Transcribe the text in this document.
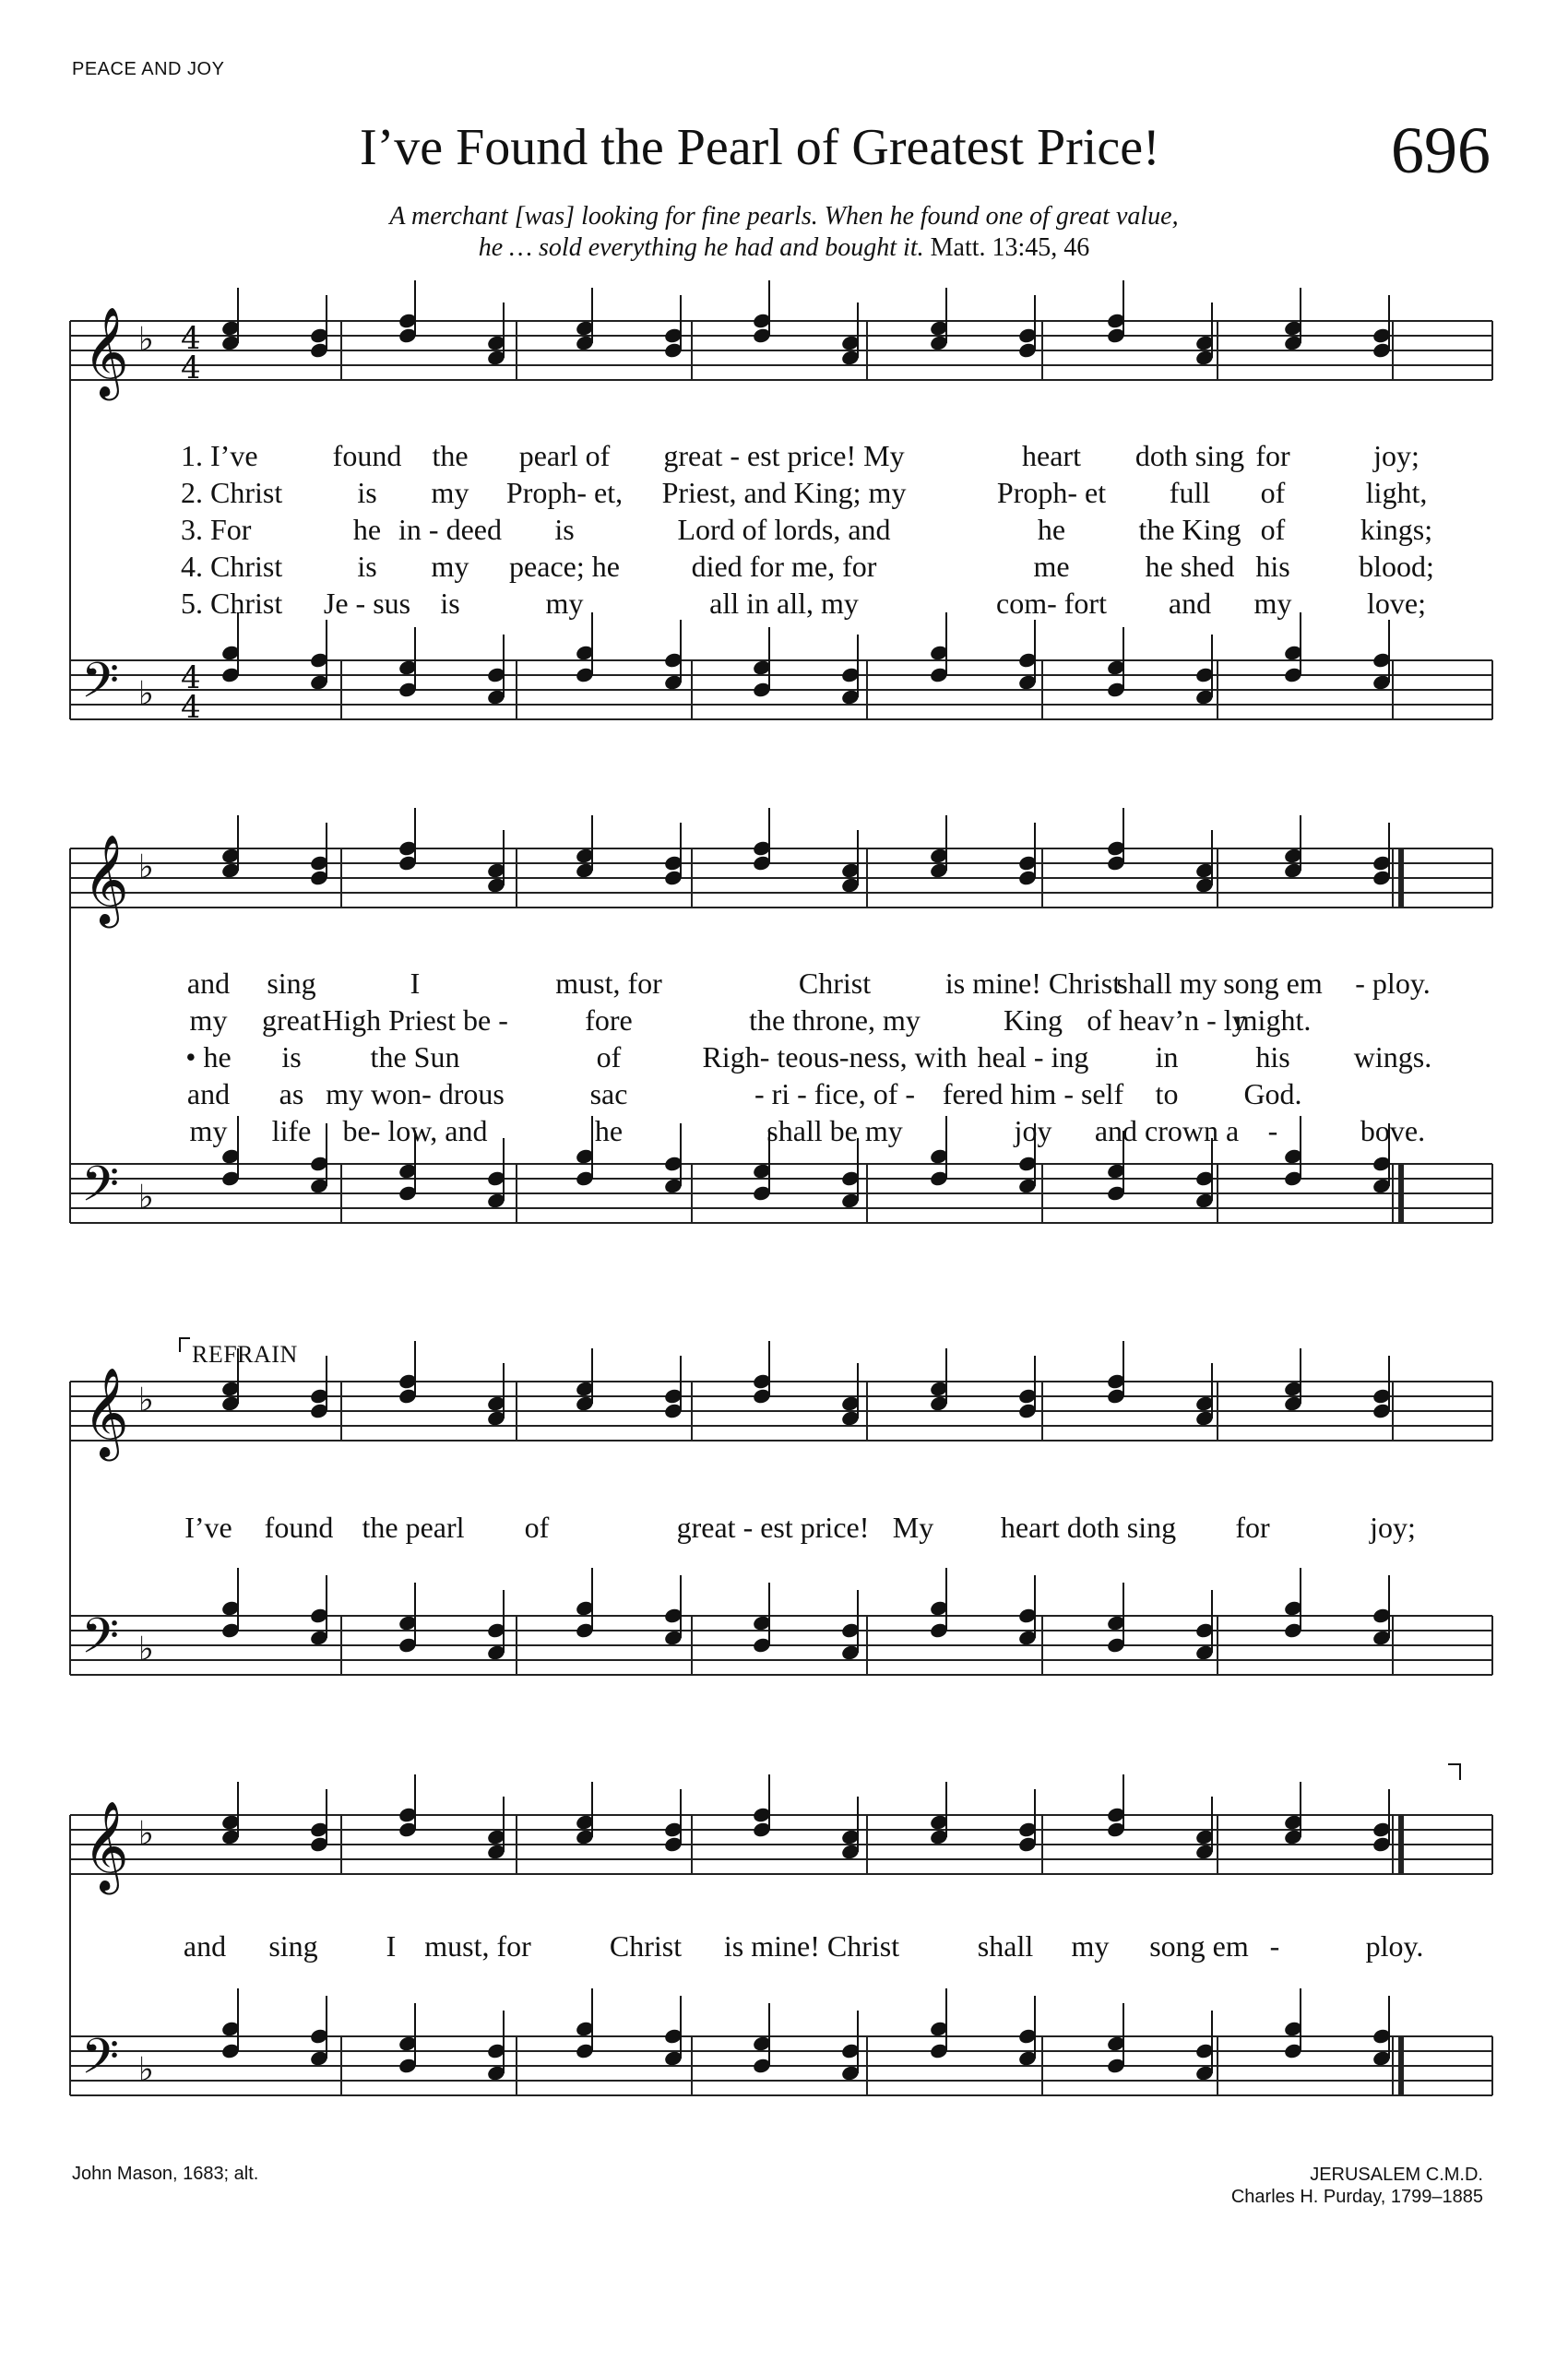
PEACE AND JOY
I’ve Found the Pearl of Greatest Price!	696
A merchant [was] looking for fine pearls. When he found one of great value,
he … sold everything he had and bought it. Matt. 13:45, 46
𝄞
𝄢
♭
♭
4
4
4
4
𝄞
𝄢
♭
♭
𝄞
𝄢
♭
♭
𝄞
𝄢
♭
♭
1. I’ve	found the pearl of great - est price! My	heart doth sing for	joy;
2. Christ	is my Proph- et, Priest, and King; my	Proph- et full of	light,
3. For	he in - deed is	Lord of lords, and	he the King of	kings;
4. Christ	is my peace; he died for me, for	me	he shed his blood;
5. Christ Je - sus is	my	all in all, my	com- fort and my	love;
and sing	I	must, for	Christ	is mine! Christ
shall my song em - ploy.
my great High Priest be -	fore	the throne, my	King of heav’n - ly
might.
• he is the Sun	of	Righ- teous-ness, with heal - ing in	his wings.
and as my won- drous	sac	- ri - fice, of - fered him - self to God.
my life be- low, and	he	shall be my	joy and crown a -	bove.
I’ve found the pearl of	great - est price! My heart doth sing for	joy;
and sing I must, for	Christ is mine! Christ	shall my song em -	ploy.
REFRAIN
John Mason, 1683; alt.	JERUSALEM C.M.D.
Charles H. Purday, 1799–1885
